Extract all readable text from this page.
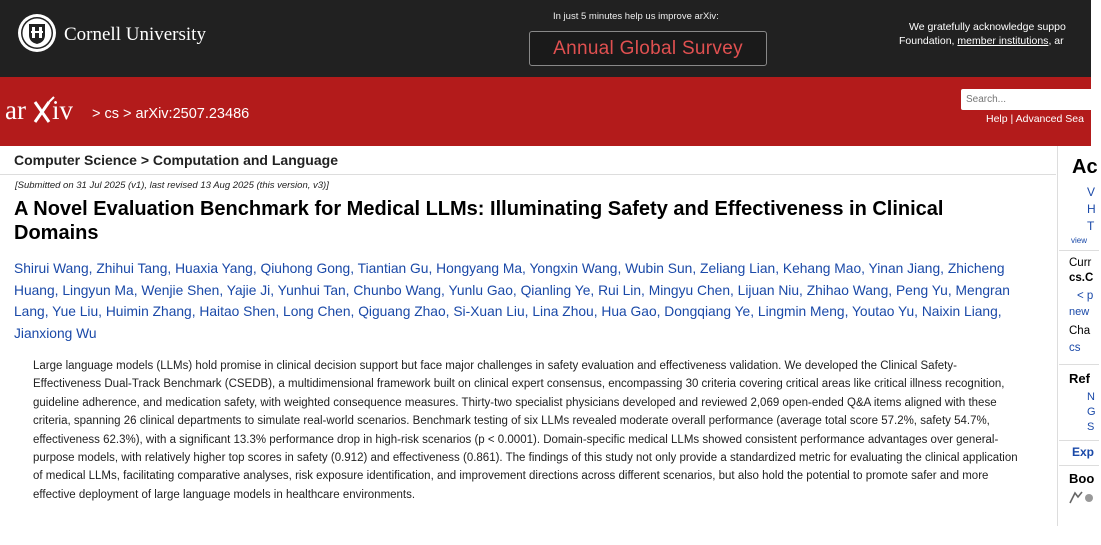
Cornell University
In just 5 minutes help us improve arXiv:
Annual Global Survey
We gratefully acknowledge suppo
Foundation, member institutions, ar
ar iv > cs > arXiv:2507.23486
Search...	Help | Advanced Sea
Computer Science > Computation and Language
[Submitted on 31 Jul 2025 (v1), last revised 13 Aug 2025 (this version, v3)]
A Novel Evaluation Benchmark for Medical LLMs: Illuminating Safety and Effectiveness in Clinical Domains
Shirui Wang, Zhihui Tang, Huaxia Yang, Qiuhong Gong, Tiantian Gu, Hongyang Ma, Yongxin Wang, Wubin Sun, Zeliang Lian, Kehang Mao, Yinan Jiang, Zhicheng Huang, Lingyun Ma, Wenjie Shen, Yajie Ji, Yunhui Tan, Chunbo Wang, Yunlu Gao, Qianling Ye, Rui Lin, Mingyu Chen, Lijuan Niu, Zhihao Wang, Peng Yu, Mengran Lang, Yue Liu, Huimin Zhang, Haitao Shen, Long Chen, Qiguang Zhao, Si-Xuan Liu, Lina Zhou, Hua Gao, Dongqiang Ye, Lingmin Meng, Youtao Yu, Naixin Liang, Jianxiong Wu
Large language models (LLMs) hold promise in clinical decision support but face major challenges in safety evaluation and effectiveness validation. We developed the Clinical Safety-Effectiveness Dual-Track Benchmark (CSEDB), a multidimensional framework built on clinical expert consensus, encompassing 30 criteria covering critical areas like critical illness recognition, guideline adherence, and medication safety, with weighted consequence measures. Thirty-two specialist physicians developed and reviewed 2,069 open-ended Q&A items aligned with these criteria, spanning 26 clinical departments to simulate real-world scenarios. Benchmark testing of six LLMs revealed moderate overall performance (average total score 57.2%, safety 54.7%, effectiveness 62.3%), with a significant 13.3% performance drop in high-risk scenarios (p < 0.0001). Domain-specific medical LLMs showed consistent performance advantages over general-purpose models, with relatively higher top scores in safety (0.912) and effectiveness (0.861). The findings of this study not only provide a standardized metric for evaluating the clinical application of medical LLMs, facilitating comparative analyses, risk exposure identification, and improvement directions across different scenarios, but also hold the potential to promote safer and more effective deployment of large language models in healthcare environments.
Ac
V
H
T
view
Curr
cs.C
< p
new
Cha
cs
Ref
N
G
S
Exp
Boo
